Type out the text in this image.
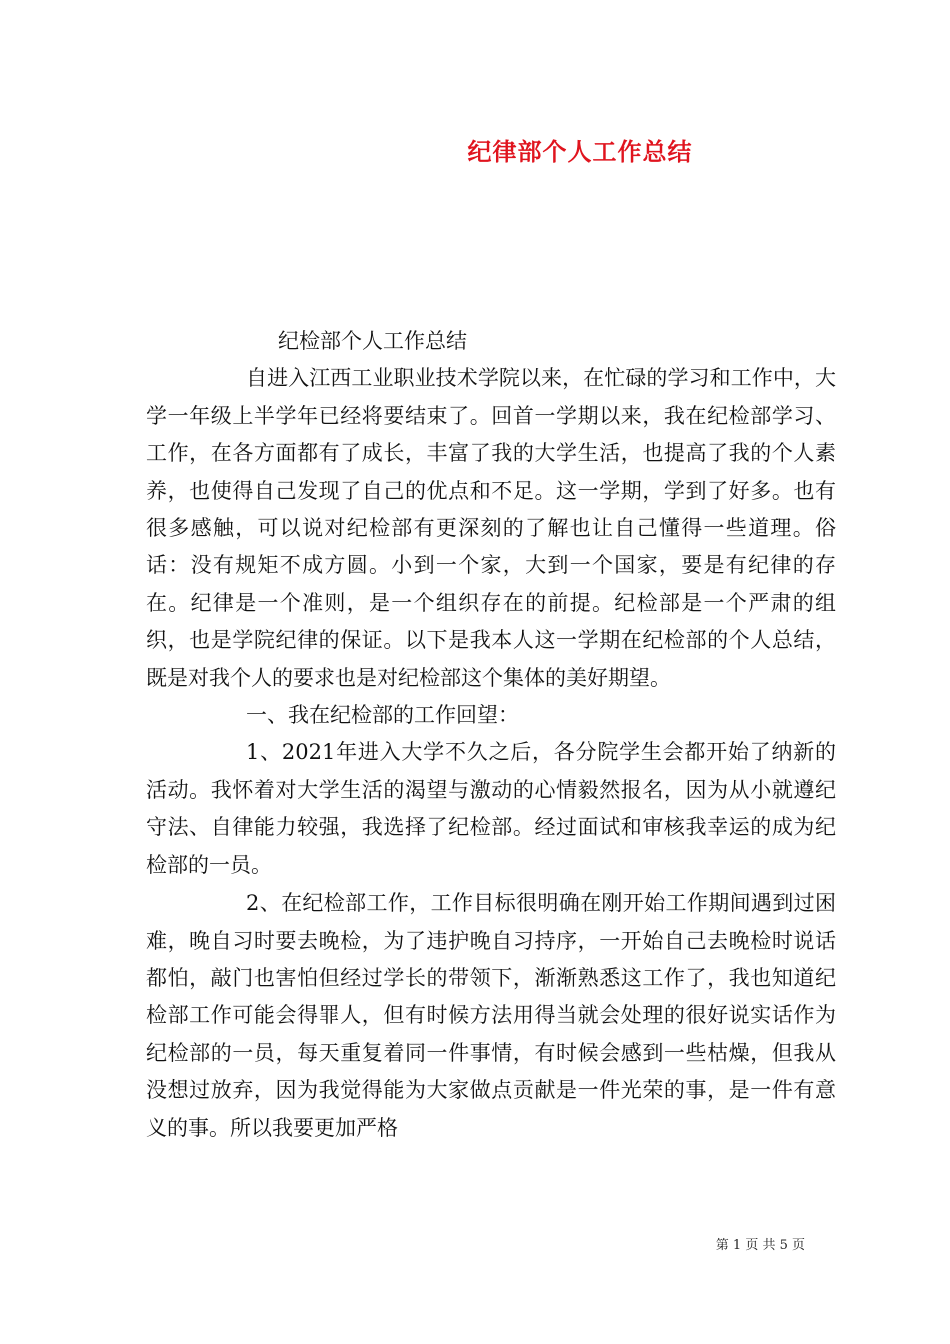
纪律部个人工作总结

纪检部个人工作总结

自进入江西工业职业技术学院以来，在忙碌的学习和工作中，大学一年级上半学年已经将要结束了。回首一学期以来，我在纪检部学习、工作，在各方面都有了成长，丰富了我的大学生活，也提高了我的个人素养，也使得自己发现了自己的优点和不足。这一学期，学到了好多。也有很多感触，可以说对纪检部有更深刻的了解也让自己懂得一些道理。俗话：没有规矩不成方圆。小到一个家，大到一个国家，要是有纪律的存在。纪律是一个准则，是一个组织存在的前提。纪检部是一个严肃的组织，也是学院纪律的保证。以下是我本人这一学期在纪检部的个人总结，既是对我个人的要求也是对纪检部这个集体的美好期望。

一、我在纪检部的工作回望：

1、2021年进入大学不久之后，各分院学生会都开始了纳新的活动。我怀着对大学生活的渴望与激动的心情毅然报名，因为从小就遵纪守法、自律能力较强，我选择了纪检部。经过面试和审核我幸运的成为纪检部的一员。

2、在纪检部工作，工作目标很明确在刚开始工作期间遇到过困难，晚自习时要去晚检，为了违护晚自习持序，一开始自己去晚检时说话都怕，敲门也害怕但经过学长的带领下，渐渐熟悉这工作了，我也知道纪检部工作可能会得罪人，但有时候方法用得当就会处理的很好说实话作为纪检部的一员，每天重复着同一件事情，有时候会感到一些枯燥，但我从没想过放弃，因为我觉得能为大家做点贡献是一件光荣的事，是一件有意义的事。所以我要更加严格

第 1 页 共 5 页
